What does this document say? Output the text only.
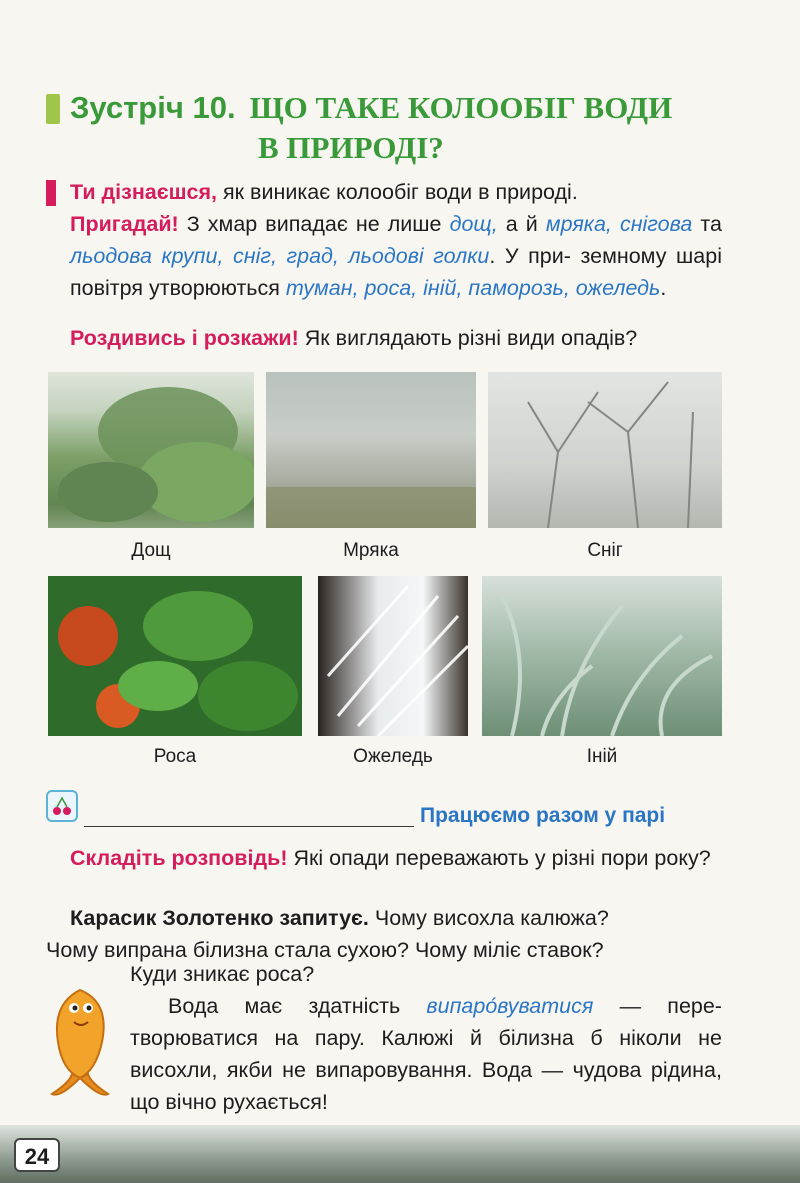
Зустріч 10. ЩО ТАКЕ КОЛООБІГ ВОДИ
В ПРИРОДІ?
Ти дізнаєшся, як виникає колообіг води в природі.
Пригадай! З хмар випадає не лише дощ, а й мряка, снігова та льодова крупи, сніг, град, льодові голки. У при- земному шарі повітря утворюються туман, роса, іній, паморозь, ожеледь.
Роздивись і розкажи! Як виглядають різні види опадів?
Дощ	Мряка	Сніг
Роса	Ожеледь	Іній
Працюємо разом у парі
Складіть розповідь! Які опади переважають у різні пори року?
Карасик Золотенко запитує. Чому висохла калюжа?
Чому випрана білизна стала сухою? Чому міліє ставок?
Куди зникає роса?
Вода має здатність випаро́вуватися — пере- творюватися на пару. Калюжі й білизна б ніколи не висохли, якби не випаровування. Вода — чудова рідина, що вічно рухається!
24
